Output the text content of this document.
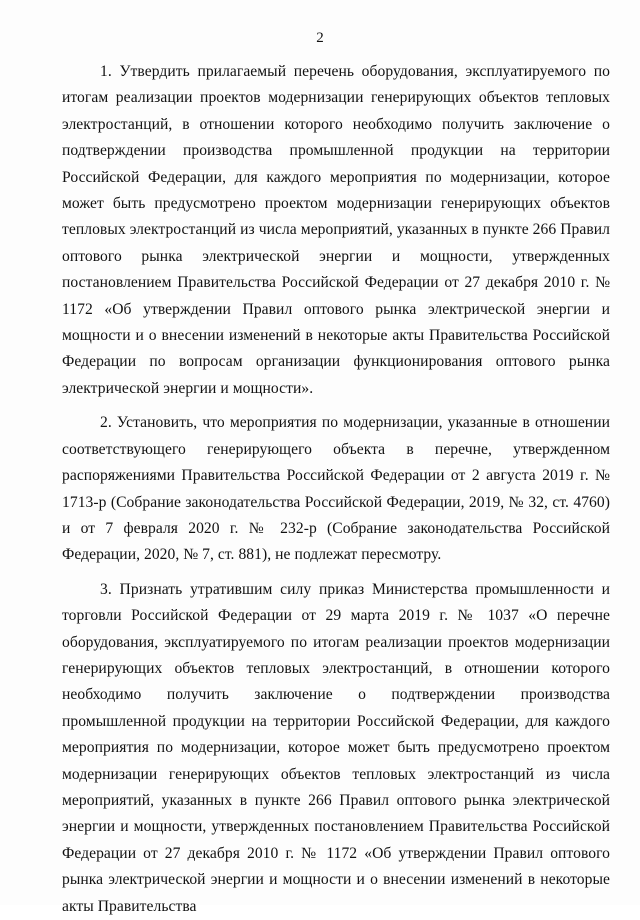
2

1. Утвердить прилагаемый перечень оборудования, эксплуатируемого по итогам реализации проектов модернизации генерирующих объектов тепловых электростанций, в отношении которого необходимо получить заключение о подтверждении производства промышленной продукции на территории Российской Федерации, для каждого мероприятия по модернизации, которое может быть предусмотрено проектом модернизации генерирующих объектов тепловых электростанций из числа мероприятий, указанных в пункте 266 Правил оптового рынка электрической энергии и мощности, утвержденных постановлением Правительства Российской Федерации от 27 декабря 2010 г. № 1172 «Об утверждении Правил оптового рынка электрической энергии и мощности и о внесении изменений в некоторые акты Правительства Российской Федерации по вопросам организации функционирования оптового рынка электрической энергии и мощности».

2. Установить, что мероприятия по модернизации, указанные в отношении соответствующего генерирующего объекта в перечне, утвержденном распоряжениями Правительства Российской Федерации от 2 августа 2019 г. № 1713-р (Собрание законодательства Российской Федерации, 2019, № 32, ст. 4760) и от 7 февраля 2020 г. № 232-р (Собрание законодательства Российской Федерации, 2020, № 7, ст. 881), не подлежат пересмотру.

3. Признать утратившим силу приказ Министерства промышленности и торговли Российской Федерации от 29 марта 2019 г. № 1037 «О перечне оборудования, эксплуатируемого по итогам реализации проектов модернизации генерирующих объектов тепловых электростанций, в отношении которого необходимо получить заключение о подтверждении производства промышленной продукции на территории Российской Федерации, для каждого мероприятия по модернизации, которое может быть предусмотрено проектом модернизации генерирующих объектов тепловых электростанций из числа мероприятий, указанных в пункте 266 Правил оптового рынка электрической энергии и мощности, утвержденных постановлением Правительства Российской Федерации от 27 декабря 2010 г. № 1172 «Об утверждении Правил оптового рынка электрической энергии и мощности и о внесении изменений в некоторые акты Правительства
